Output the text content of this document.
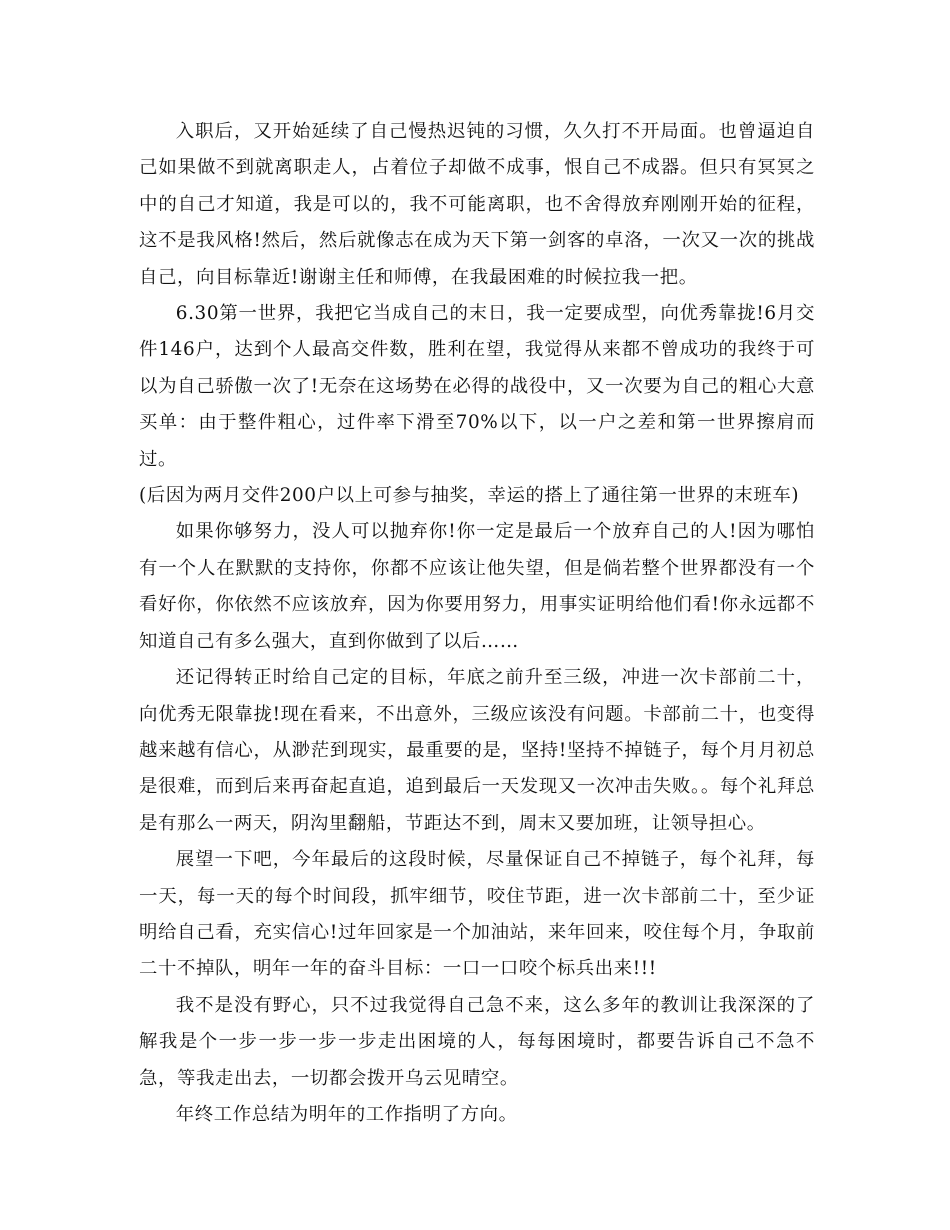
入职后，又开始延续了自己慢热迟钝的习惯，久久打不开局面。也曾逼迫自己如果做不到就离职走人，占着位子却做不成事，恨自己不成器。但只有冥冥之中的自己才知道，我是可以的，我不可能离职，也不舍得放弃刚刚开始的征程，这不是我风格!然后，然后就像志在成为天下第一剑客的卓洛，一次又一次的挑战自己，向目标靠近!谢谢主任和师傅，在我最困难的时候拉我一把。

6.30第一世界，我把它当成自己的末日，我一定要成型，向优秀靠拢!6月交件146户，达到个人最高交件数，胜利在望，我觉得从来都不曾成功的我终于可以为自己骄傲一次了!无奈在这场势在必得的战役中，又一次要为自己的粗心大意买单：由于整件粗心，过件率下滑至70%以下，以一户之差和第一世界擦肩而过。

(后因为两月交件200户以上可参与抽奖，幸运的搭上了通往第一世界的末班车)

如果你够努力，没人可以抛弃你!你一定是最后一个放弃自己的人!因为哪怕有一个人在默默的支持你，你都不应该让他失望，但是倘若整个世界都没有一个看好你，你依然不应该放弃，因为你要用努力，用事实证明给他们看!你永远都不知道自己有多么强大，直到你做到了以后……

还记得转正时给自己定的目标，年底之前升至三级，冲进一次卡部前二十，向优秀无限靠拢!现在看来，不出意外，三级应该没有问题。卡部前二十，也变得越来越有信心，从渺茫到现实，最重要的是，坚持!坚持不掉链子，每个月月初总是很难，而到后来再奋起直追，追到最后一天发现又一次冲击失败。。每个礼拜总是有那么一两天，阴沟里翻船，节距达不到，周末又要加班，让领导担心。

展望一下吧，今年最后的这段时候，尽量保证自己不掉链子，每个礼拜，每一天，每一天的每个时间段，抓牢细节，咬住节距，进一次卡部前二十，至少证明给自己看，充实信心!过年回家是一个加油站，来年回来，咬住每个月，争取前二十不掉队，明年一年的奋斗目标：一口一口咬个标兵出来!!!

我不是没有野心，只不过我觉得自己急不来，这么多年的教训让我深深的了解我是个一步一步一步一步走出困境的人，每每困境时，都要告诉自己不急不急，等我走出去，一切都会拨开乌云见晴空。

年终工作总结为明年的工作指明了方向。
